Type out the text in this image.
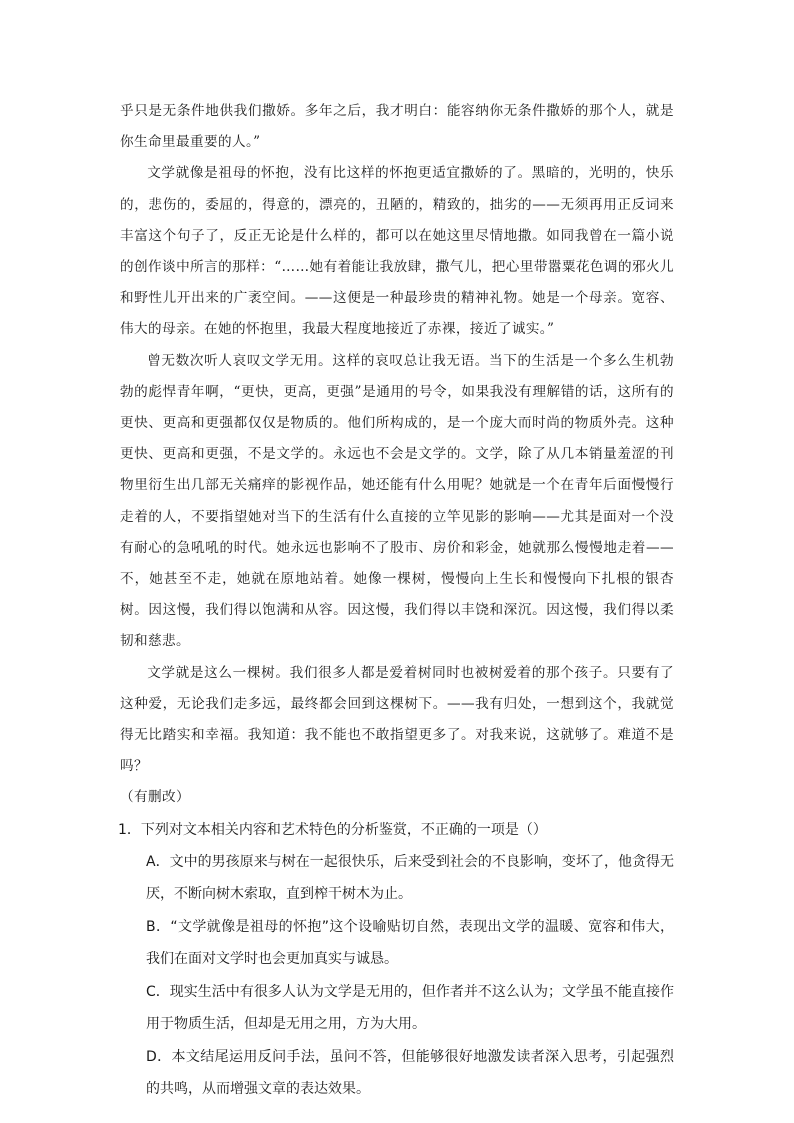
乎只是无条件地供我们撒娇。多年之后，我才明白：能容纳你无条件撒娇的那个人，就是你生命里最重要的人。”

文学就像是祖母的怀抱，没有比这样的怀抱更适宜撒娇的了。黑暗的，光明的，快乐的，悲伤的，委屈的，得意的，漂亮的，丑陋的，精致的，拙劣的——无须再用正反词来丰富这个句子了，反正无论是什么样的，都可以在她这里尽情地撒。如同我曾在一篇小说的创作谈中所言的那样：“……她有着能让我放肆，撒气儿，把心里带嚣粟花色调的邪火儿和野性儿开出来的广袤空间。——这便是一种最珍贵的精神礼物。她是一个母亲。宽容、伟大的母亲。在她的怀抱里，我最大程度地接近了赤裸，接近了诚实。”

曾无数次听人哀叹文学无用。这样的哀叹总让我无语。当下的生活是一个多么生机勃勃的彪悍青年啊，“更快，更高，更强”是通用的号令，如果我没有理解错的话，这所有的更快、更高和更强都仅仅是物质的。他们所构成的，是一个庞大而时尚的物质外壳。这种更快、更高和更强，不是文学的。永远也不会是文学的。文学，除了从几本销量羞涩的刊物里衍生出几部无关痛痒的影视作品，她还能有什么用呢？她就是一个在青年后面慢慢行走着的人，不要指望她对当下的生活有什么直接的立竿见影的影响——尤其是面对一个没有耐心的急吼吼的时代。她永远也影响不了股市、房价和彩金，她就那么慢慢地走着——不，她甚至不走，她就在原地站着。她像一棵树，慢慢向上生长和慢慢向下扎根的银杏树。因这慢，我们得以饱满和从容。因这慢，我们得以丰饶和深沉。因这慢，我们得以柔韧和慈悲。

文学就是这么一棵树。我们很多人都是爱着树同时也被树爱着的那个孩子。只要有了这种爱，无论我们走多远，最终都会回到这棵树下。——我有归处，一想到这个，我就觉得无比踏实和幸福。我知道：我不能也不敢指望更多了。对我来说，这就够了。难道不是吗？

（有删改）

1．下列对文本相关内容和艺术特色的分析鉴赏，不正确的一项是（）

A．文中的男孩原来与树在一起很快乐，后来受到社会的不良影响，变坏了，他贪得无厌，不断向树木索取，直到榨干树木为止。

B．“文学就像是祖母的怀抱”这个设喻贴切自然，表现出文学的温暖、宽容和伟大，我们在面对文学时也会更加真实与诚恳。

C．现实生活中有很多人认为文学是无用的，但作者并不这么认为；文学虽不能直接作用于物质生活，但却是无用之用，方为大用。

D．本文结尾运用反问手法，虽问不答，但能够很好地激发读者深入思考，引起强烈的共鸣，从而增强文章的表达效果。
